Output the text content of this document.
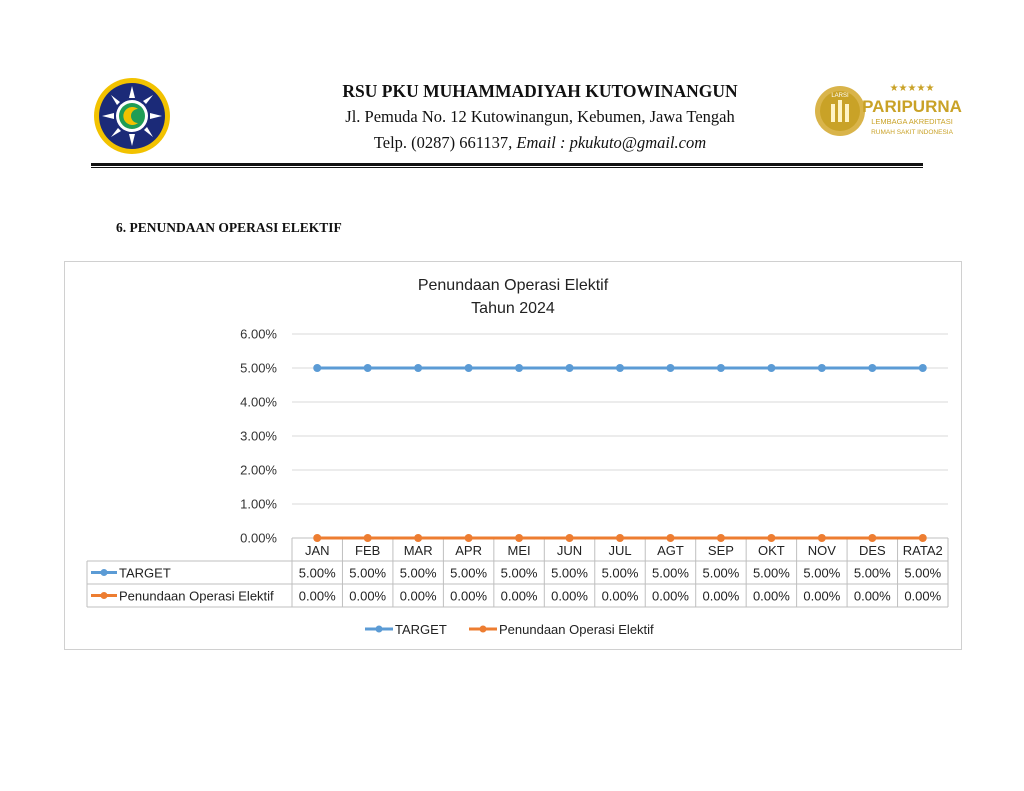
RSU PKU MUHAMMADIYAH KUTOWINANGUN
Jl. Pemuda No. 12 Kutowinangun, Kebumen, Jawa Tengah
Telp. (0287) 661137, Email : pkukuto@gmail.com
LARSI
★★★★★
PARIPURNA
LEMBAGA AKREDITASI
RUMAH SAKIT INDONESIA
6. PENUNDAAN OPERASI ELEKTIF
Penundaan Operasi Elektif
Tahun 2024
0.00%
1.00%
2.00%
3.00%
4.00%
5.00%
6.00%
JAN FEB MAR APR MEI JUN JUL AGT SEP OKT NOV DES RATA2
TARGET	5.00% 5.00% 5.00% 5.00% 5.00% 5.00% 5.00% 5.00% 5.00% 5.00% 5.00% 5.00% 5.00%
Penundaan Operasi Elektif 0.00% 0.00% 0.00% 0.00% 0.00% 0.00% 0.00% 0.00% 0.00% 0.00% 0.00% 0.00% 0.00%
TARGET	Penundaan Operasi Elektif
